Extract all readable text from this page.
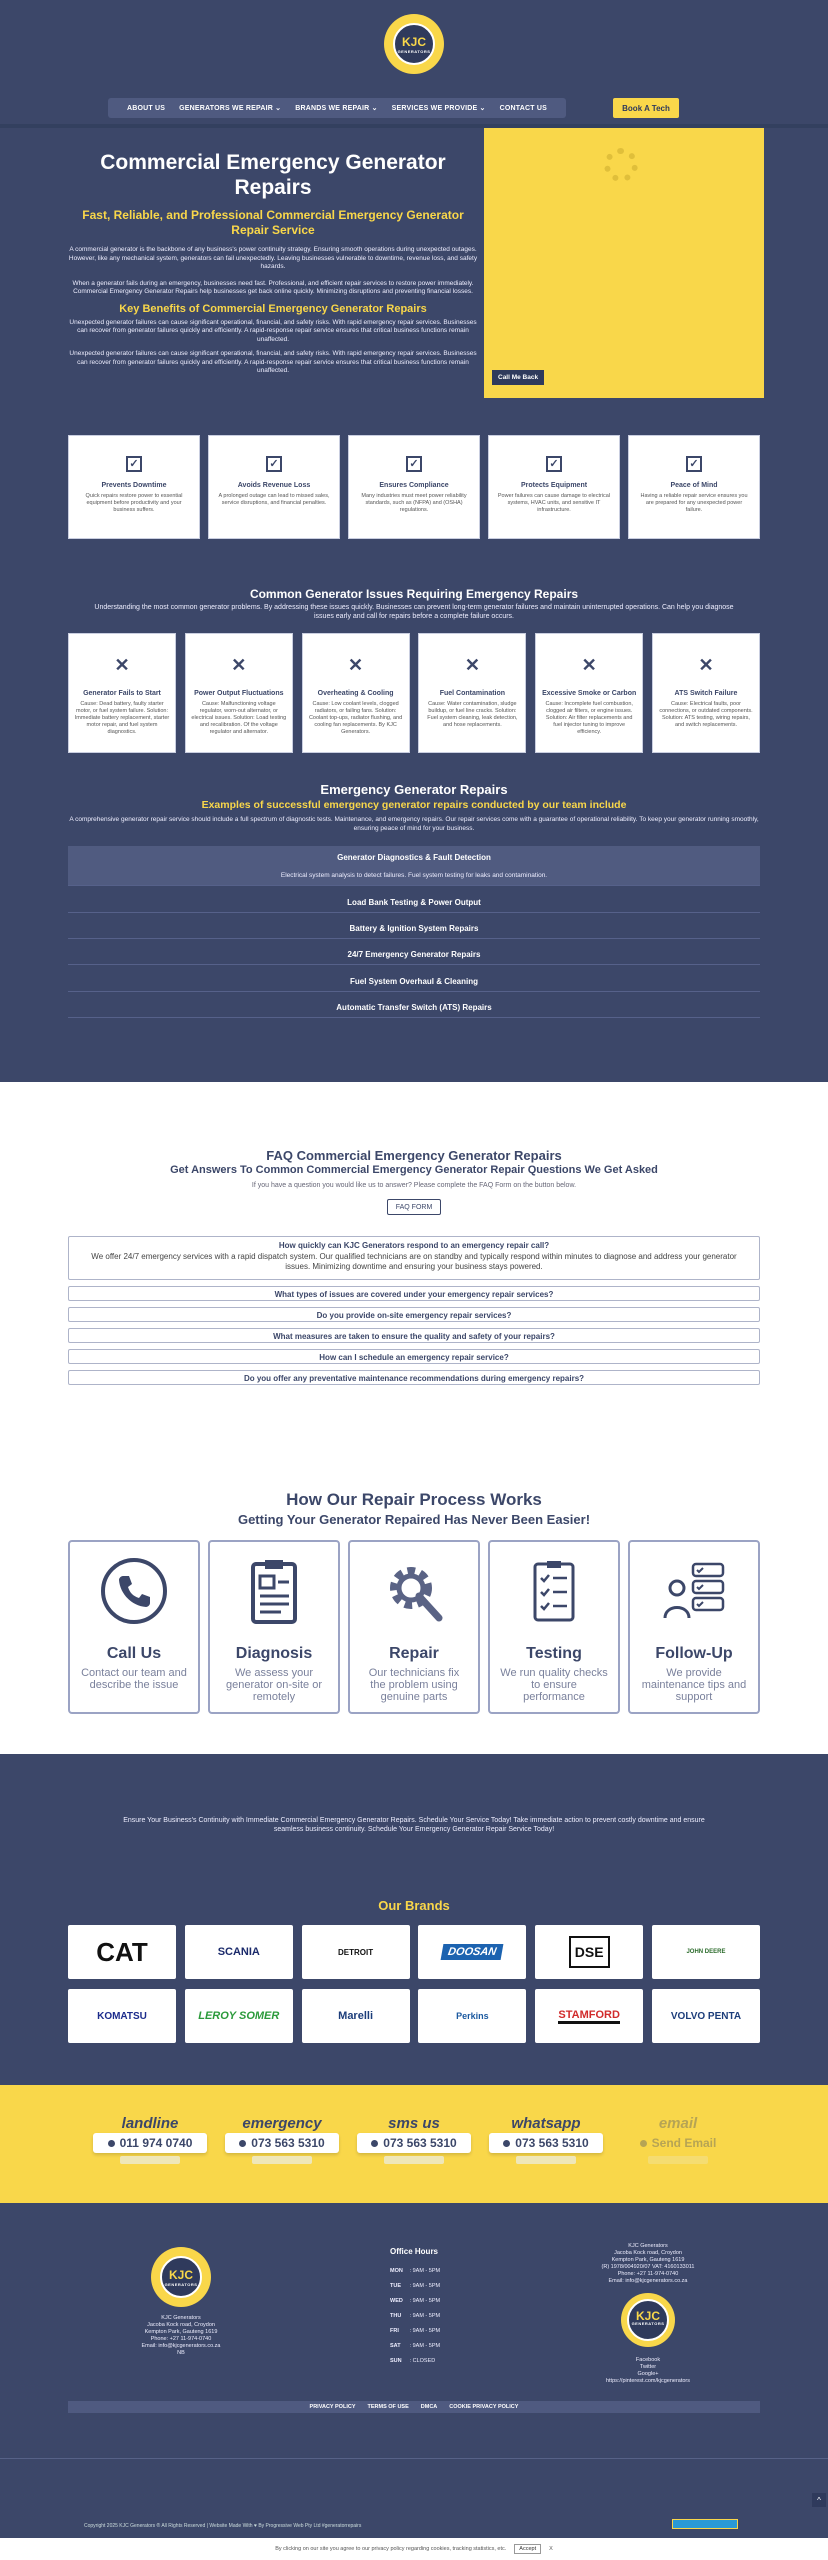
KJC
GENERATORS
ABOUT US GENERATORS WE REPAIR ⌄ BRANDS WE REPAIR ⌄ SERVICES WE PROVIDE ⌄ CONTACT US	Book A Tech
Commercial Emergency Generator Repairs
Fast, Reliable, and Professional Commercial Emergency Generator Repair Service

A commercial generator is the backbone of any business's power continuity strategy. Ensuring smooth operations during unexpected outages. However, like any mechanical system, generators can fail unexpectedly. Leaving businesses vulnerable to downtime, revenue loss, and safety hazards.

When a generator fails during an emergency, businesses need fast. Professional, and efficient repair services to restore power immediately. Commercial Emergency Generator Repairs help businesses get back online quickly. Minimizing disruptions and preventing financial losses.

Key Benefits of Commercial Emergency Generator Repairs

Unexpected generator failures can cause significant operational, financial, and safety risks. With rapid emergency repair services. Businesses can recover from generator failures quickly and efficiently. A rapid-response repair service ensures that critical business functions remain unaffected.

Unexpected generator failures can cause significant operational, financial, and safety risks. With rapid emergency repair services. Businesses can recover from generator failures quickly and efficiently. A rapid-response repair service ensures that critical business functions remain unaffected.

Call Me Back
✓
Prevents Downtime

Quick repairs restore power to essential equipment before productivity and your business suffers.

✓
Avoids Revenue Loss

A prolonged outage can lead to missed sales, service disruptions, and financial penalties.

✓
Ensures Compliance

Many industries must meet power reliability standards, such as (NFPA) and (OSHA) regulations.

✓
Protects Equipment

Power failures can cause damage to electrical systems, HVAC units, and sensitive IT infrastructure.

✓
Peace of Mind

Having a reliable repair service ensures you are prepared for any unexpected power failure.

Common Generator Issues Requiring Emergency Repairs
Understanding the most common generator problems. By addressing these issues quickly. Businesses can prevent long-term generator failures and maintain uninterrupted operations. Can help you diagnose issues early and call for repairs before a complete failure occurs.
✕
Generator Fails to Start

Cause: Dead battery, faulty starter motor, or fuel system failure. Solution: Immediate battery replacement, starter motor repair, and fuel system diagnostics.

✕
Power Output Fluctuations

Cause: Malfunctioning voltage regulator, worn-out alternator, or electrical issues. Solution: Load testing and recalibration. Of the voltage regulator and alternator.

✕
Overheating & Cooling

Cause: Low coolant levels, clogged radiators, or failing fans. Solution: Coolant top-ups, radiator flushing, and cooling fan replacements. By KJC Generators.

✕
Fuel Contamination

Cause: Water contamination, sludge buildup, or fuel line cracks. Solution: Fuel system cleaning, leak detection, and hose replacements.

✕
Excessive Smoke or Carbon

Cause: Incomplete fuel combustion, clogged air filters, or engine issues. Solution: Air filter replacements and fuel injector tuning to improve efficiency.

✕
ATS Switch Failure

Cause: Electrical faults, poor connections, or outdated components. Solution: ATS testing, wiring repairs, and switch replacements.

Emergency Generator Repairs
Examples of successful emergency generator repairs conducted by our team include
A comprehensive generator repair service should include a full spectrum of diagnostic tests. Maintenance, and emergency repairs. Our repair services come with a guarantee of operational reliability. To keep your generator running smoothly, ensuring peace of mind for your business.
Generator Diagnostics & Fault Detection
Electrical system analysis to detect failures. Fuel system testing for leaks and contamination.
Load Bank Testing & Power Output
Battery & Ignition System Repairs
24/7 Emergency Generator Repairs
Fuel System Overhaul & Cleaning
Automatic Transfer Switch (ATS) Repairs
FAQ Commercial Emergency Generator Repairs
Get Answers To Common Commercial Emergency Generator Repair Questions We Get Asked
If you have a question you would like us to answer? Please complete the FAQ Form on the button below.
FAQ FORM
How quickly can KJC Generators respond to an emergency repair call?
We offer 24/7 emergency services with a rapid dispatch system. Our qualified technicians are on standby and typically respond within minutes to diagnose and address your generator issues. Minimizing downtime and ensuring your business stays powered.
What types of issues are covered under your emergency repair services?
Do you provide on-site emergency repair services?
What measures are taken to ensure the quality and safety of your repairs?
How can I schedule an emergency repair service?
Do you offer any preventative maintenance recommendations during emergency repairs?
How Our Repair Process Works
Getting Your Generator Repaired Has Never Been Easier!
Call Us

Contact our team and describe the issue

Diagnosis

We assess your generator on-site or remotely

Repair

Our technicians fix the problem using genuine parts

Testing

We run quality checks to ensure performance

Follow-Up

We provide maintenance tips and support

Ensure Your Business's Continuity with Immediate Commercial Emergency Generator Repairs. Schedule Your Service Today! Take immediate action to prevent costly downtime and ensure seamless business continuity. Schedule Your Emergency Generator Repair Service Today!
Our Brands
CAT	SCANIA	DETROIT	DOOSAN	DSE	JOHN DEERE
KOMATSU	LEROY SOMER	Marelli	Perkins	STAMFORD	VOLVO PENTA
landline
011 974 0740
emergency
073 563 5310
sms us
073 563 5310
whatsapp
073 563 5310
email
Send Email
KJC
GENERATORS
KJC Generators
Jacoba Kock road, Croydon
Kempton Park, Gauteng 1619
Phone: +27 11-974-0740
Email: info@kjcgenerators.co.za
NB
Office Hours
MON : 9AM - 5PM
TUE : 9AM - 5PM
WED : 9AM - 5PM
THU : 9AM - 5PM
FRI : 9AM - 5PM
SAT : 9AM - 5PM
SUN : CLOSED
KJC Generators
Jacoba Kock road, Croydon
Kempton Park, Gauteng 1619
(R) 1978/004920/07 VAT: 4160133011
Phone: +27 11-974-0740
Email: info@kjcgenerators.co.za
KJC
GENERATORS
Facebook
Twitter
Google+
https://pinterest.com/kjcgenerators
PRIVACY POLICY TERMS OF USE DMCA COOKIE PRIVACY POLICY
^
Copyright 2025 KJC Generators ® All Rights Reserved | Website Made With ♥ By Progressive Web Pty Ltd #generatorrepairs
By clicking on our site you agree to our privacy policy regarding cookies, tracking statistics, etc.	Accept	X
